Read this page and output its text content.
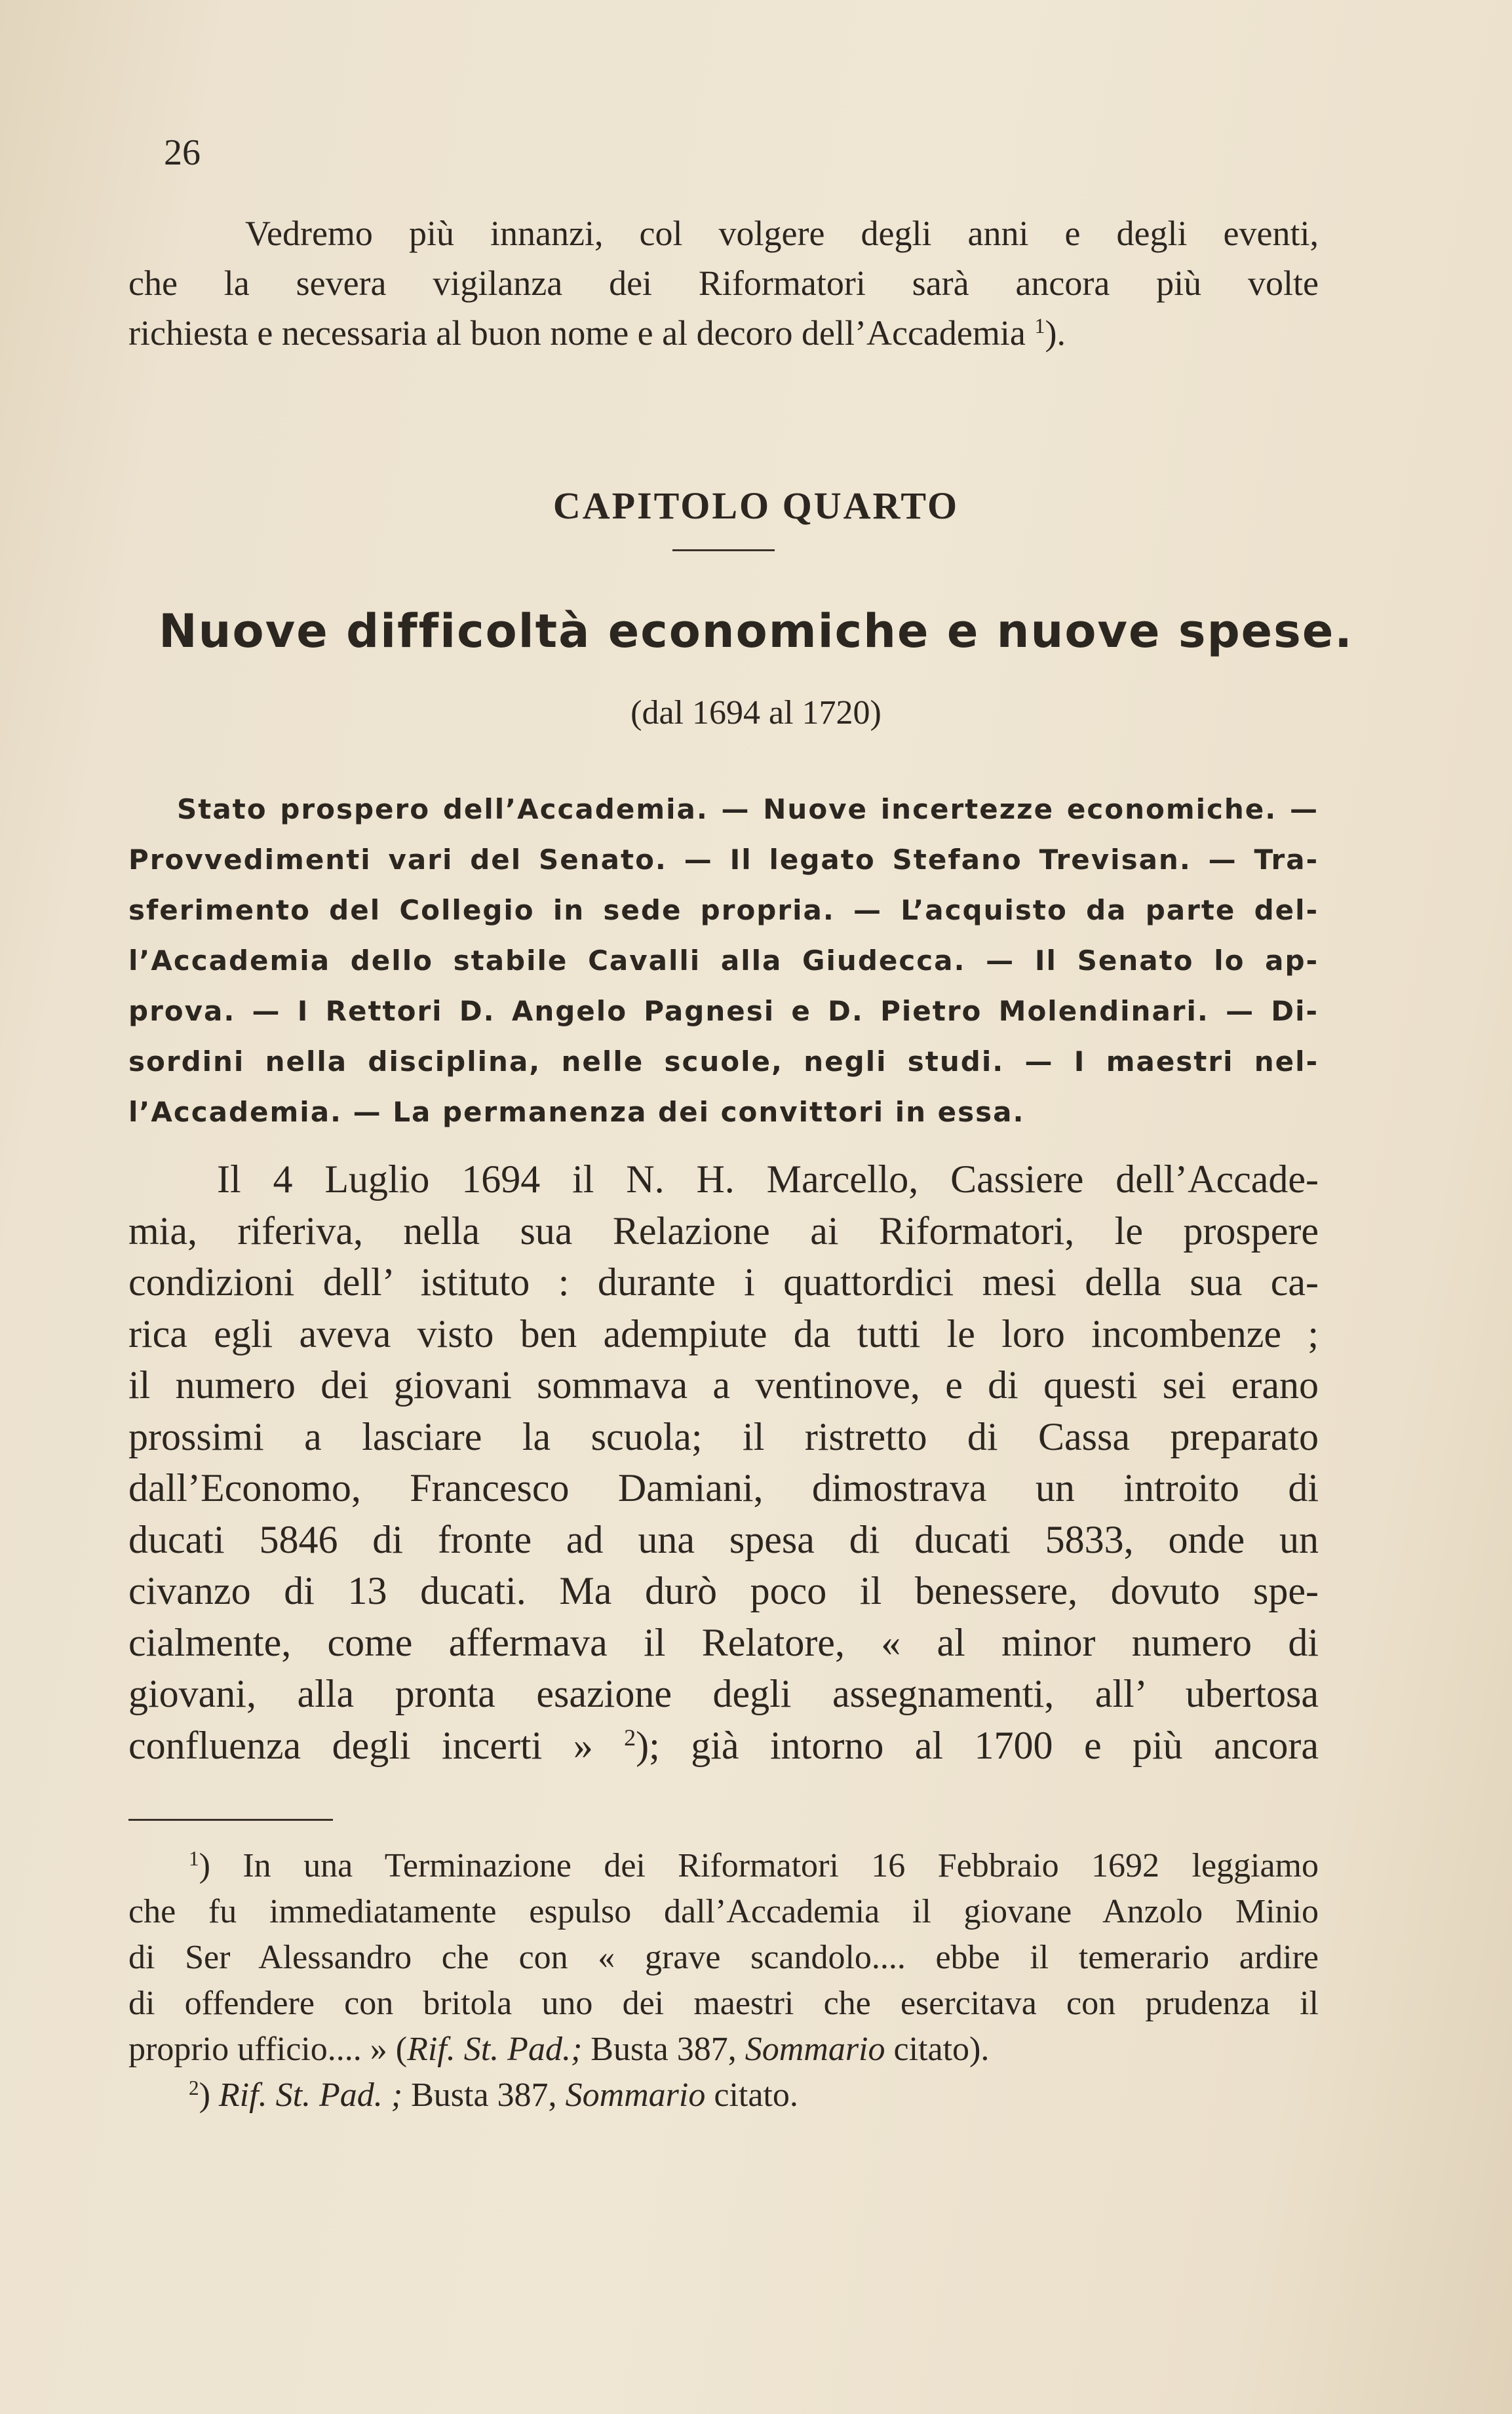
26

Vedremo più innanzi, col volgere degli anni e degli eventi,
che la severa vigilanza dei Riformatori sarà ancora più volte
richiesta e necessaria al buon nome e al decoro dell’Accademia $^1$).

CAPITOLO QUARTO
Nuove difficoltà economiche e nuove spese.

(dal 1694 al 1720)

Stato prospero dell’Accademia. — Nuove incertezze economiche. —
Provvedimenti vari del Senato. — Il legato Stefano Trevisan. — Tra-
sferimento del Collegio in sede propria. — L’acquisto da parte del-
l’Accademia dello stabile Cavalli alla Giudecca. — Il Senato lo ap-
prova. — I Rettori D. Angelo Pagnesi e D. Pietro Molendinari. — Di-
sordini nella disciplina, nelle scuole, negli studi. — I maestri nel-
l’Accademia. — La permanenza dei convittori in essa.

Il 4 Luglio 1694 il N. H. Marcello, Cassiere dell’Accade-
mia, riferiva, nella sua Relazione ai Riformatori, le prospere
condizioni dell’ istituto : durante i quattordici mesi della sua ca-
rica egli aveva visto ben adempiute da tutti le loro incombenze ;
il numero dei giovani sommava a ventinove, e di questi sei erano
prossimi a lasciare la scuola; il ristretto di Cassa preparato
dall’Economo, Francesco Damiani, dimostrava un introito di
ducati 5846 di fronte ad una spesa di ducati 5833, onde un
civanzo di 13 ducati. Ma durò poco il benessere, dovuto spe-
cialmente, come affermava il Relatore, « al minor numero di
giovani, alla pronta esazione degli assegnamenti, all’ ubertosa
confluenza degli incerti » $^2$); già intorno al 1700 e più ancora

$^1$) In una Terminazione dei Riformatori 16 Febbraio 1692 leggiamo
che fu immediatamente espulso dall’Accademia il giovane Anzolo Minio
di Ser Alessandro che con « grave scandolo.... ebbe il temerario ardire
di offendere con britola uno dei maestri che esercitava con prudenza il
proprio ufficio.... » (Rif. St. Pad.; Busta 387, Sommario citato).

$^2$) Rif. St. Pad. ; Busta 387, Sommario citato.
